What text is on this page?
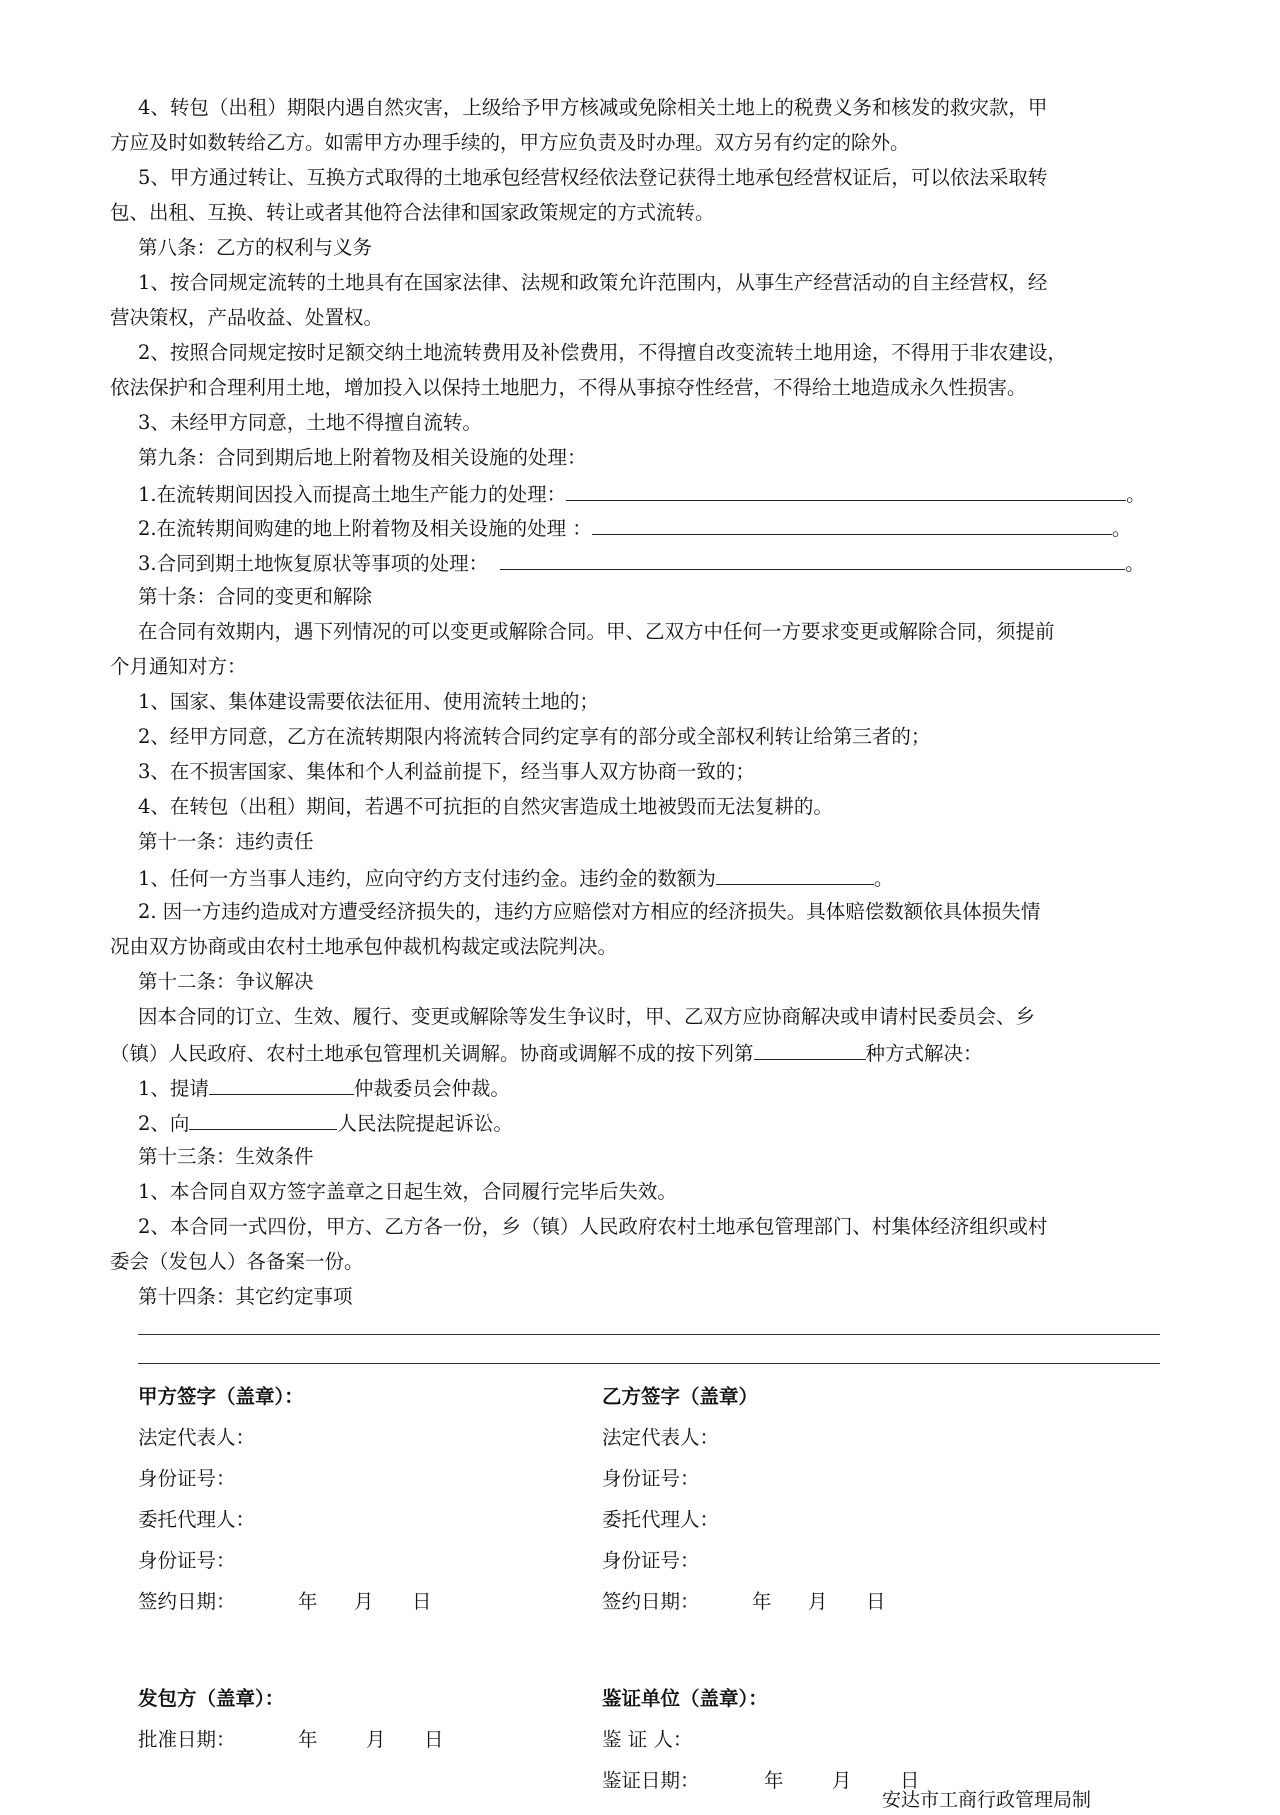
4、转包（出租）期限内遇自然灾害，上级给予甲方核减或免除相关土地上的税费义务和核发的救灾款，甲
方应及时如数转给乙方。如需甲方办理手续的，甲方应负责及时办理。双方另有约定的除外。
5、甲方通过转让、互换方式取得的土地承包经营权经依法登记获得土地承包经营权证后，可以依法采取转
包、出租、互换、转让或者其他符合法律和国家政策规定的方式流转。
第八条：乙方的权利与义务
1、按合同规定流转的土地具有在国家法律、法规和政策允许范围内，从事生产经营活动的自主经营权，经
营决策权，产品收益、处置权。
2、按照合同规定按时足额交纳土地流转费用及补偿费用，不得擅自改变流转土地用途，不得用于非农建设，
依法保护和合理利用土地，增加投入以保持土地肥力，不得从事掠夺性经营，不得给土地造成永久性损害。
3、未经甲方同意，土地不得擅自流转。
第九条：合同到期后地上附着物及相关设施的处理：
1.在流转期间因投入而提高土地生产能力的处理：	。
2.在流转期间购建的地上附着物及相关设施的处理 ：	。
3.合同到期土地恢复原状等事项的处理：	。
第十条：合同的变更和解除
在合同有效期内，遇下列情况的可以变更或解除合同。甲、乙双方中任何一方要求变更或解除合同，须提前
个月通知对方：
1、国家、集体建设需要依法征用、使用流转土地的；
2、经甲方同意，乙方在流转期限内将流转合同约定享有的部分或全部权利转让给第三者的；
3、在不损害国家、集体和个人利益前提下，经当事人双方协商一致的；
4、在转包（出租）期间，若遇不可抗拒的自然灾害造成土地被毁而无法复耕的。
第十一条：违约责任
1、任何一方当事人违约，应向守约方支付违约金。违约金的数额为	。
2. 因一方违约造成对方遭受经济损失的，违约方应赔偿对方相应的经济损失。具体赔偿数额依具体损失情
况由双方协商或由农村土地承包仲裁机构裁定或法院判决。
第十二条：争议解决
因本合同的订立、生效、履行、变更或解除等发生争议时，甲、乙双方应协商解决或申请村民委员会、乡
（镇）人民政府、农村土地承包管理机关调解。协商或调解不成的按下列第	种方式解决：
1、提请	仲裁委员会仲裁。
2、向	人民法院提起诉讼。
第十三条：生效条件
1、本合同自双方签字盖章之日起生效，合同履行完毕后失效。
2、本合同一式四份，甲方、乙方各一份，乡（镇）人民政府农村土地承包管理部门、村集体经济组织或村
委会（发包人）各备案一份。
第十四条：其它约定事项
甲方签字（盖章）：
法定代表人：
身份证号：
委托代理人：
身份证号：
签约日期：	年 月 日
乙方签字（盖章）
法定代表人：
身份证号：
委托代理人：
身份证号：
签约日期：	年 月 日
发包方（盖章）：
批准日期：	年 月 日
鉴证单位（盖章）：
鉴 证 人：
鉴证日期：	年 月 日
安达市工商行政管理局制
